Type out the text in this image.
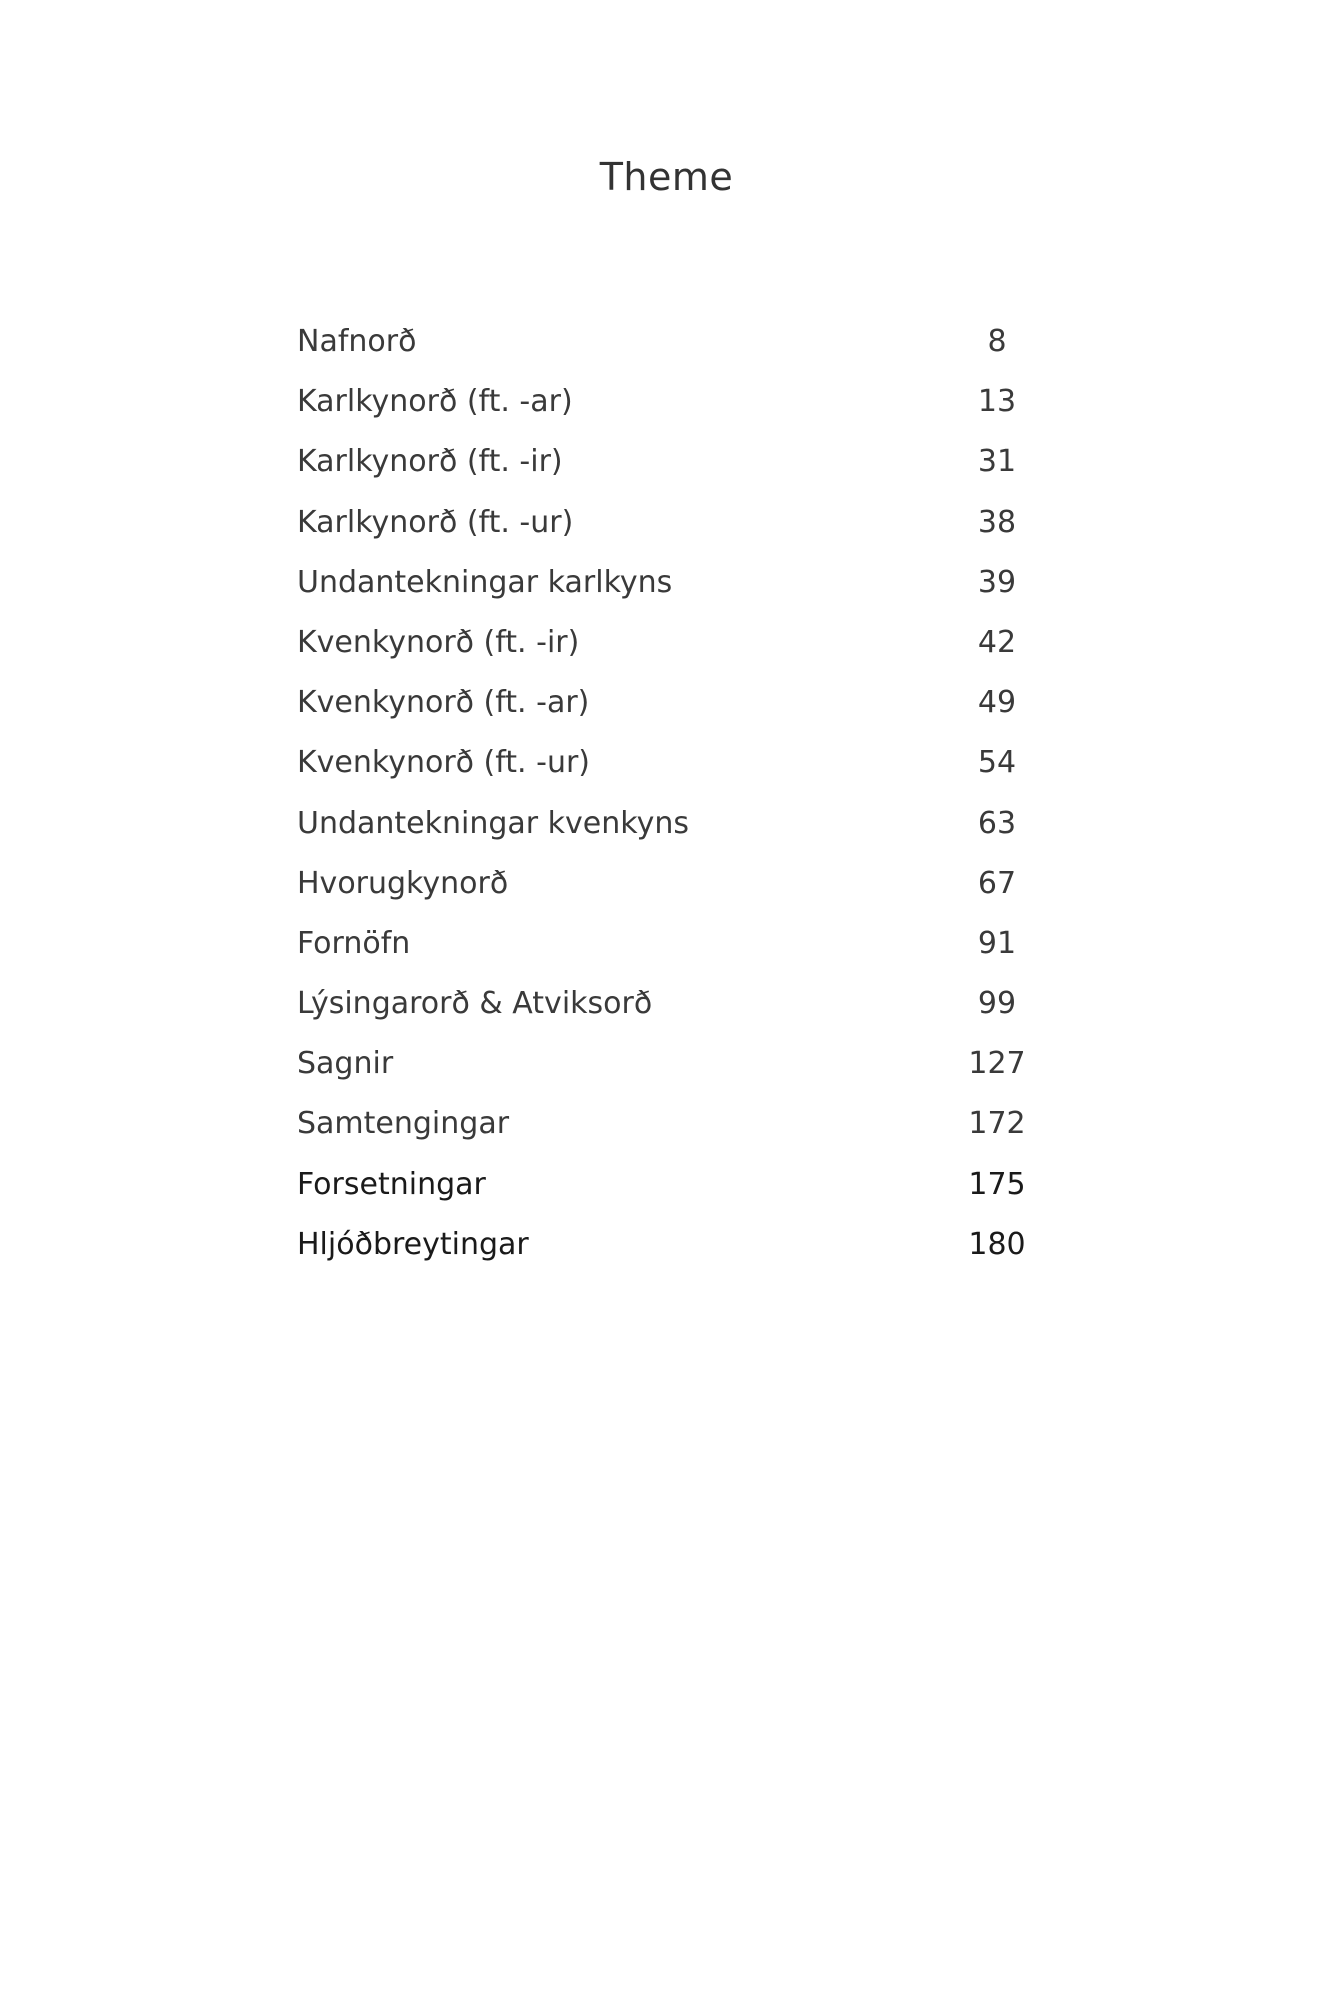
Theme
Nafnorð	8
Karlkynorð (ft. -ar)	13
Karlkynorð (ft. -ir)	31
Karlkynorð (ft. -ur)	38
Undantekningar karlkyns	39
Kvenkynorð (ft. -ir)	42
Kvenkynorð (ft. -ar)	49
Kvenkynorð (ft. -ur)	54
Undantekningar kvenkyns	63
Hvorugkynorð	67
Fornöfn	91
Lýsingarorð & Atviksorð	99
Sagnir	127
Samtengingar	172
Forsetningar	175
Hljóðbreytingar	180
